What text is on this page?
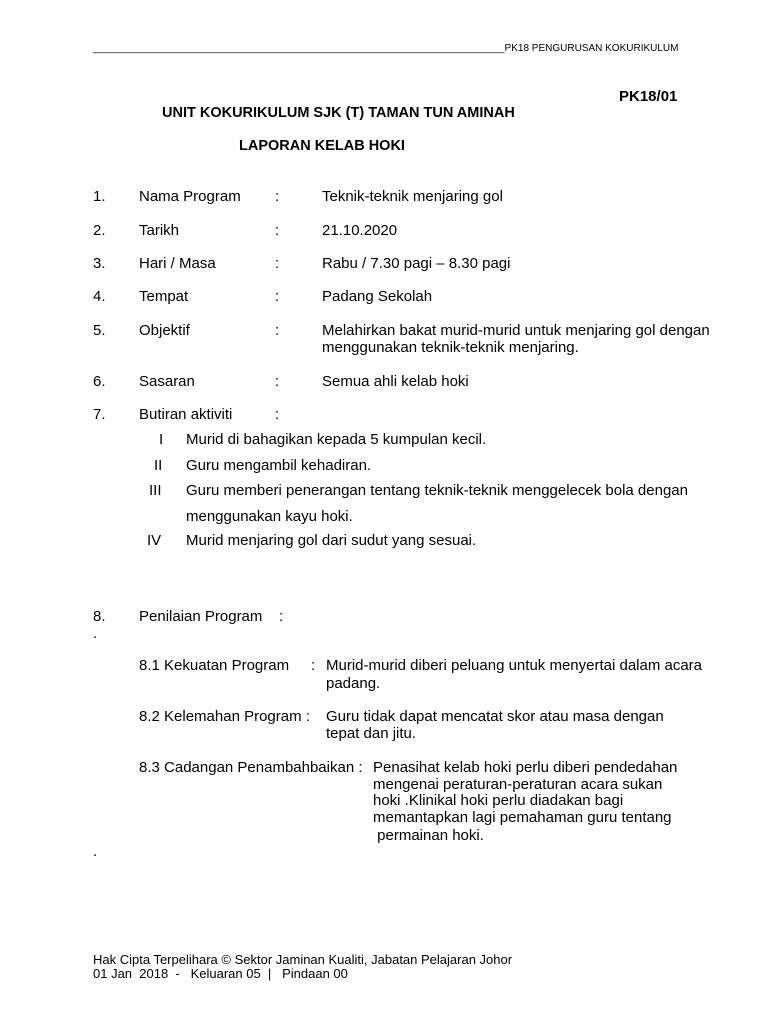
__________________________________________________________________________PK18 PENGURUSAN KOKURIKULUM
PK18/01
UNIT KOKURIKULUM SJK (T) TAMAN TUN AMINAH
LAPORAN KELAB HOKI
1. Nama Program :	Teknik-teknik menjaring gol
2. Tarikh	:	21.10.2020
3. Hari / Masa	:	Rabu / 7.30 pagi – 8.30 pagi
4. Tempat	:	Padang Sekolah
5. Objektif	:	Melahirkan bakat murid-murid untuk menjaring gol dengan
menggunakan teknik-teknik menjaring.
6. Sasaran	:	Semua ahli kelab hoki
7. Butiran aktiviti	:
I Murid di bahagikan kepada 5 kumpulan kecil.
II Guru mengambil kehadiran.
III Guru memberi penerangan tentang teknik-teknik menggelecek bola dengan
menggunakan kayu hoki.
IV Murid menjaring gol dari sudut yang sesuai.
8. Penilaian Program :
.
8.1 Kekuatan Program : Murid-murid diberi peluang untuk menyertai dalam acara
padang.
8.2 Kelemahan Program : Guru tidak dapat mencatat skor atau masa dengan
tepat dan jitu.
8.3 Cadangan Penambahbaikan : Penasihat kelab hoki perlu diberi pendedahan
mengenai peraturan-peraturan acara sukan
hoki .Klinikal hoki perlu diadakan bagi
memantapkan lagi pemahaman guru tentang
permainan hoki.
.
Hak Cipta Terpelihara © Sektor Jaminan Kualiti, Jabatan Pelajaran Johor
01 Jan  2018  -   Keluaran 05  |   Pindaan 00
